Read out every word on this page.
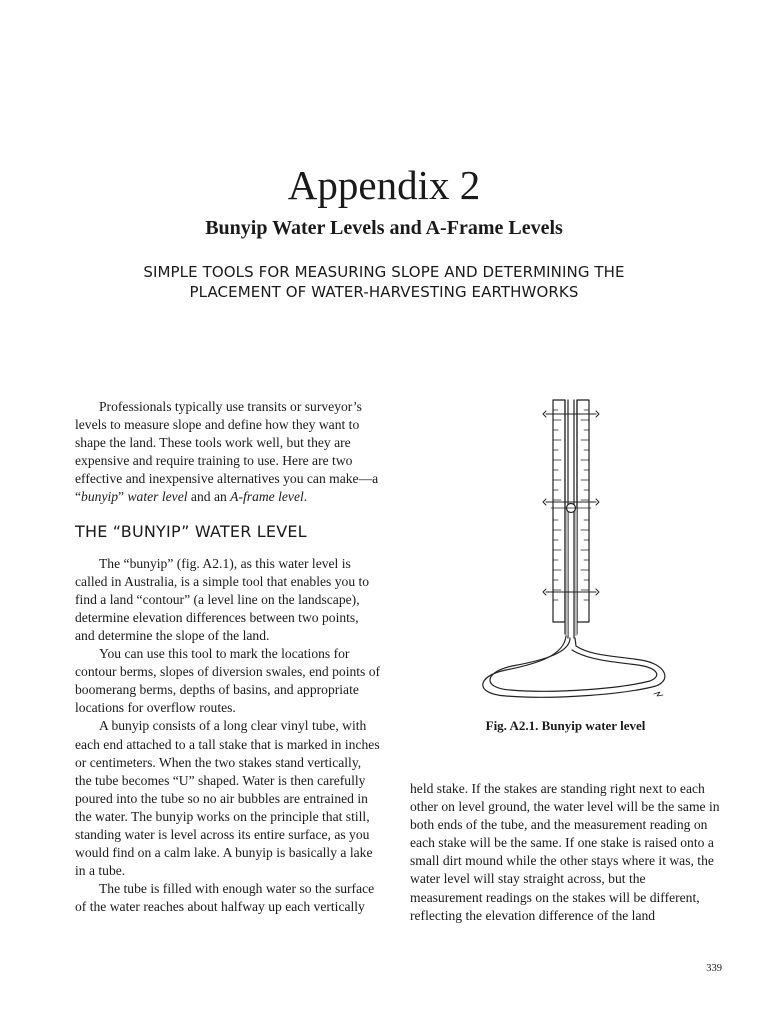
Appendix 2
Bunyip Water Levels and A-Frame Levels
SIMPLE TOOLS FOR MEASURING SLOPE AND DETERMINING THE
PLACEMENT OF WATER-HARVESTING EARTHWORKS

Professionals typically use transits or surveyor’s levels to measure slope and define how they want to shape the land. These tools work well, but they are expensive and require training to use. Here are two effective and inexpensive alternatives you can make—a “bunyip” water level and an A-frame level.

THE “BUNYIP” WATER LEVEL

The “bunyip” (fig. A2.1), as this water level is called in Australia, is a simple tool that enables you to find a land “contour” (a level line on the landscape), determine elevation differences between two points, and determine the slope of the land.

You can use this tool to mark the locations for contour berms, slopes of diversion swales, end points of boomerang berms, depths of basins, and appropriate locations for overflow routes.

A bunyip consists of a long clear vinyl tube, with each end attached to a tall stake that is marked in inches or centimeters. When the two stakes stand vertically, the tube becomes “U” shaped. Water is then carefully poured into the tube so no air bubbles are entrained in the water. The bunyip works on the principle that still, standing water is level across its entire surface, as you would find on a calm lake. A bunyip is basically a lake in a tube.

The tube is filled with enough water so the surface of the water reaches about halfway up each vertically

Fig. A2.1. Bunyip water level

held stake. If the stakes are standing right next to each other on level ground, the water level will be the same in both ends of the tube, and the measurement reading on each stake will be the same. If one stake is raised onto a small dirt mound while the other stays where it was, the water level will stay straight across, but the measurement readings on the stakes will be different, reflecting the elevation difference of the land

339
